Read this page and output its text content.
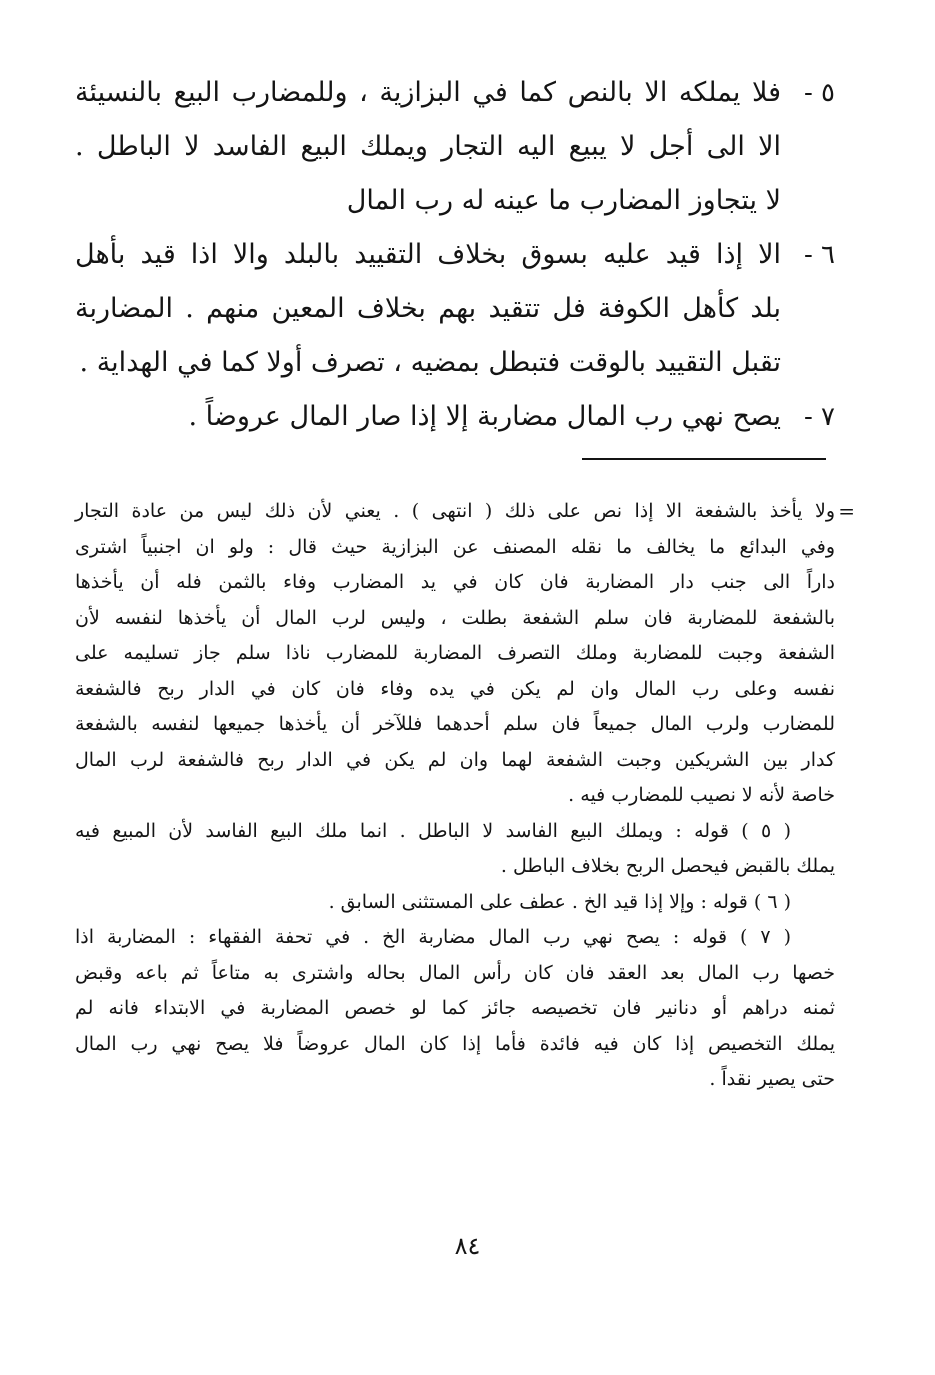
٥ -
فلا يملكه الا بالنص كما في البزازية ، وللمضارب البيع بالنسيئة
الا الى أجل لا يبيع اليه التجار ويملك البيع الفاسد لا الباطل .
لا يتجاوز المضارب ما عينه له رب المال
٦ -
الا إذا قيد عليه بسوق بخلاف التقييد بالبلد والا اذا قيد بأهل
بلد كأهل الكوفة فل تتقيد بهم بخلاف المعين منهم . المضاربة
تقبل التقييد بالوقت فتبطل بمضيه ، تصرف أولا كما في الهداية .
٧ -
يصح نهي رب المال مضاربة إلا إذا صار المال عروضاً .
=
ولا يأخذ بالشفعة الا إذا نص على ذلك ( انتهى ) . يعني لأن ذلك ليس من عادة التجار
وفي البدائع ما يخالف ما نقله المصنف عن البزازية حيث قال : ولو ان اجنبياً اشترى
داراً الى جنب دار المضاربة فان كان في يد المضارب وفاء بالثمن فله أن يأخذها
بالشفعة للمضاربة فان سلم الشفعة بطلت ، وليس لرب المال أن يأخذها لنفسه لأن
الشفعة وجبت للمضاربة وملك التصرف المضاربة للمضارب ناذا سلم جاز تسليمه على
نفسه وعلى رب المال وان لم يكن في يده وفاء فان كان في الدار ربح فالشفعة
للمضارب ولرب المال جميعاً فان سلم أحدهما فللآخر أن يأخذها جميعها لنفسه بالشفعة
كدار بين الشريكين وجبت الشفعة لهما وان لم يكن في الدار ربح فالشفعة لرب المال
خاصة لأنه لا نصيب للمضارب فيه .
( ٥ ) قوله : ويملك البيع الفاسد لا الباطل . انما ملك البيع الفاسد لأن المبيع فيه
يملك بالقبض فيحصل الربح بخلاف الباطل .
( ٦ ) قوله : وإلا إذا قيد الخ . عطف على المستثنى السابق .
( ٧ ) قوله : يصح نهي رب المال مضاربة الخ . في تحفة الفقهاء : المضاربة اذا
خصها رب المال بعد العقد فان كان رأس المال بحاله واشترى به متاعاً ثم باعه وقبض
ثمنه دراهم أو دنانير فان تخصيصه جائز كما لو خصص المضاربة في الابتداء فانه لم
يملك التخصيص إذا كان فيه فائدة فأما إذا كان المال عروضاً فلا يصح نهي رب المال
حتى يصير نقداً .
٨٤
